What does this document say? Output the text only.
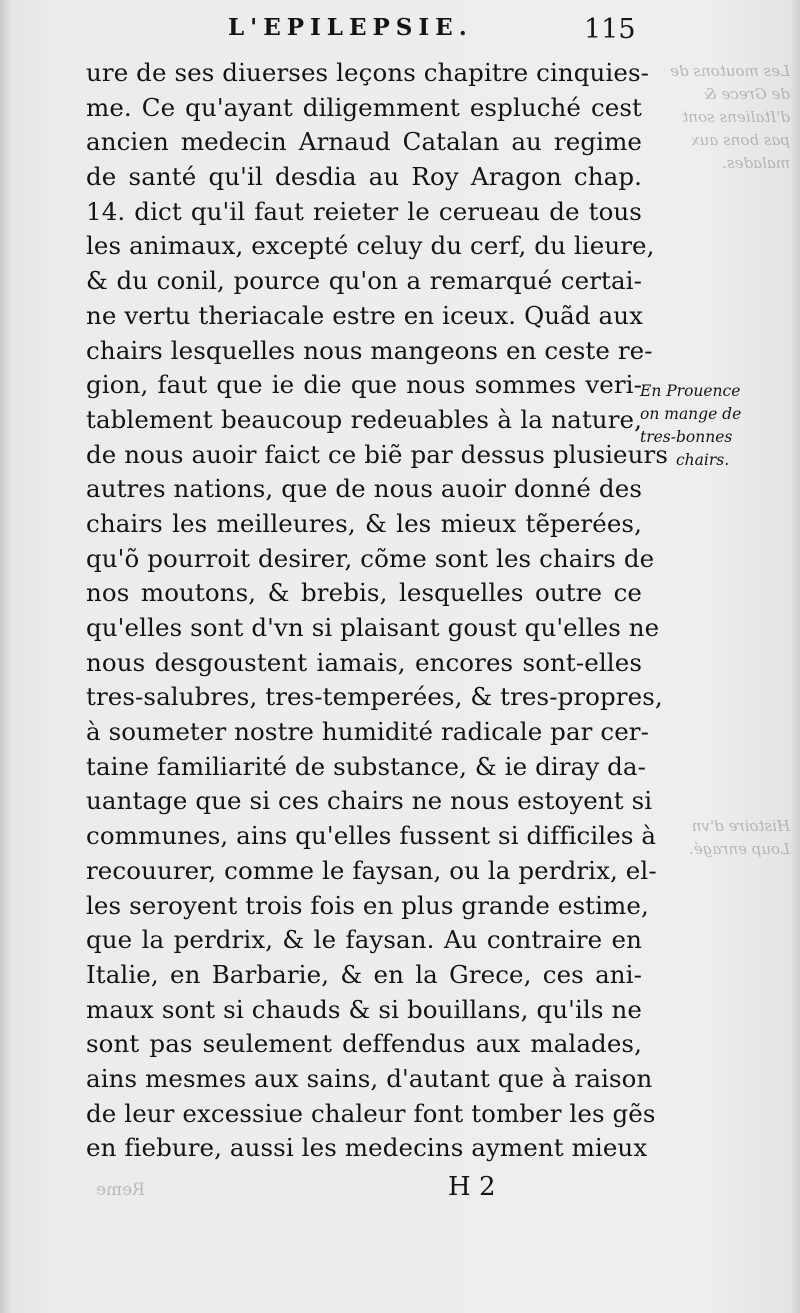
L'EPILEPSIE.	115
Les moutons de
de Grece &
d'Italiens sont
pas bons aux
malades.
ure de ses diuerses leçons chapitre cinquies-
me. Ce qu'ayant diligemment espluché cest
ancien medecin Arnaud Catalan au regime
de santé qu'il desdia au Roy Aragon chap.
14. dict qu'il faut reieter le cerueau de tous
les animaux, excepté celuy du cerf, du lieure,
& du conil, pource qu'on a remarqué certai-
ne vertu theriacale estre en iceux. Quãd aux
chairs lesquelles nous mangeons en ceste re-
gion, faut que ie die que nous sommes veri-
tablement beaucoup redeuables à la nature,
de nous auoir faict ce biẽ par dessus plusieurs
autres nations, que de nous auoir donné des
chairs les meilleures, & les mieux tẽperées,
qu'õ pourroit desirer, cõme sont les chairs de
nos moutons, & brebis, lesquelles outre ce
qu'elles sont d'vn si plaisant goust qu'elles ne
nous desgoustent iamais, encores sont-elles
tres-salubres, tres-temperées, & tres-propres,
à soumeter nostre humidité radicale par cer-
taine familiarité de substance, & ie diray da-
uantage que si ces chairs ne nous estoyent si
communes, ains qu'elles fussent si difficiles à
recouurer, comme le faysan, ou la perdrix, el-
les seroyent trois fois en plus grande estime,
que la perdrix, & le faysan. Au contraire en
Italie, en Barbarie, & en la Grece, ces ani-
maux sont si chauds & si bouillans, qu'ils ne
sont pas seulement deffendus aux malades,
ains mesmes aux sains, d'autant que à raison
de leur excessiue chaleur font tomber les gẽs
en fiebure, aussi les medecins ayment mieux
En Prouence
on mange de
tres-bonnes
chairs.
Histoire d'vn
Loup enragé.
Reme	H 2
